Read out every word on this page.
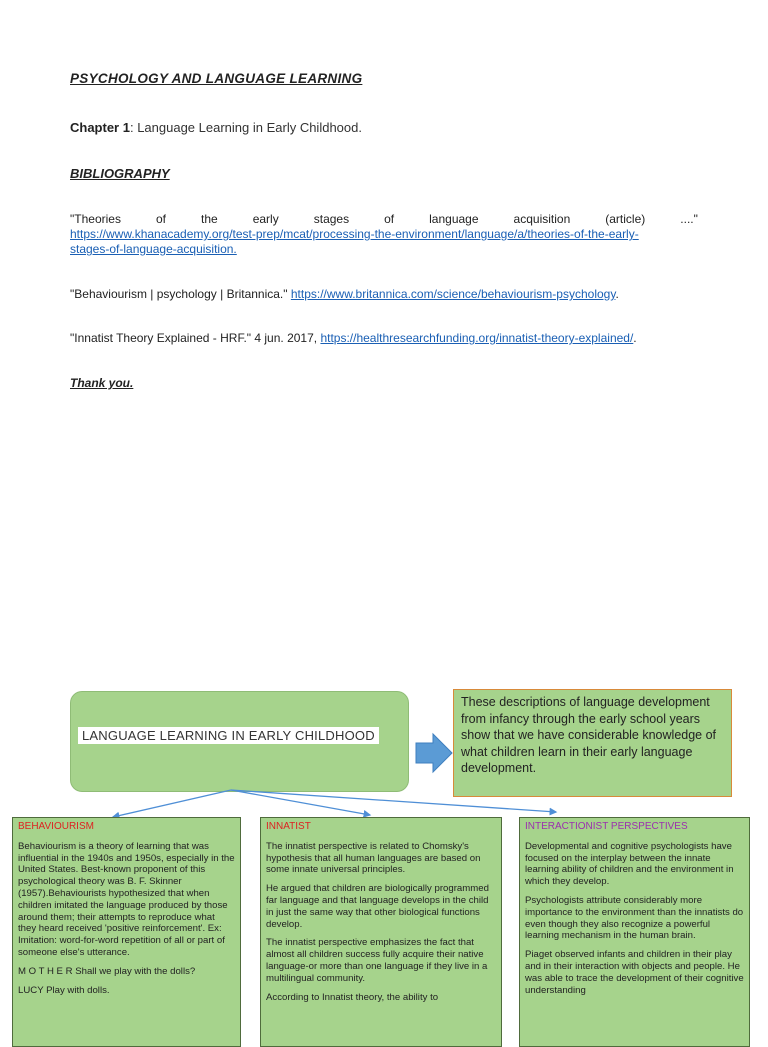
PSYCHOLOGY AND LANGUAGE LEARNING
Chapter 1: Language Learning in Early Childhood.
BIBLIOGRAPHY
"Theories	of	the	early	stages	of	language	acquisition	(article)	...."
https://www.khanacademy.org/test-prep/mcat/processing-the-environment/language/a/theories-of-the-early-
stages-of-language-acquisition.
"Behaviourism | psychology | Britannica." https://www.britannica.com/science/behaviourism-psychology.
"Innatist Theory Explained - HRF." 4 jun. 2017, https://healthresearchfunding.org/innatist-theory-explained/.
Thank you.
LANGUAGE LEARNING IN EARLY CHILDHOOD
These descriptions of language development from infancy through the early school years show that we have considerable knowledge of what children learn in their early language development.
BEHAVIOURISM

Behaviourism is a theory of learning that was influential in the 1940s and 1950s, especially in the United States. Best-known proponent of this psychological theory was B. F. Skinner (1957).Behaviourists hypothesized that when children imitated the language produced by those around them; their attempts to reproduce what they heard received 'positive reinforcement'. Ex: Imitation: word-for-word repetition of all or part of someone else's utterance.

M O T H E R Shall we play with the dolls?

LUCY Play with dolls.

INNATIST

The innatist perspective is related to Chomsky's hypothesis that all human languages are based on some innate universal principles.

He argued that children are biologically programmed far language and that language develops in the child in just the same way that other biological functions develop.

The innatist perspective emphasizes the fact that almost all children success fully acquire their native language-or more than one language if they live in a multilingual community.

According to Innatist theory, the ability to

INTERACTIONIST PERSPECTIVES

Developmental and cognitive psychologists have focused on the interplay between the innate learning ability of children and the environment in which they develop.

Psychologists attribute considerably more importance to the environment than the innatists do even though they also recognize a powerful learning mechanism in the human brain.

Piaget observed infants and children in their play and in their interaction with objects and people. He was able to trace the development of their cognitive understanding
